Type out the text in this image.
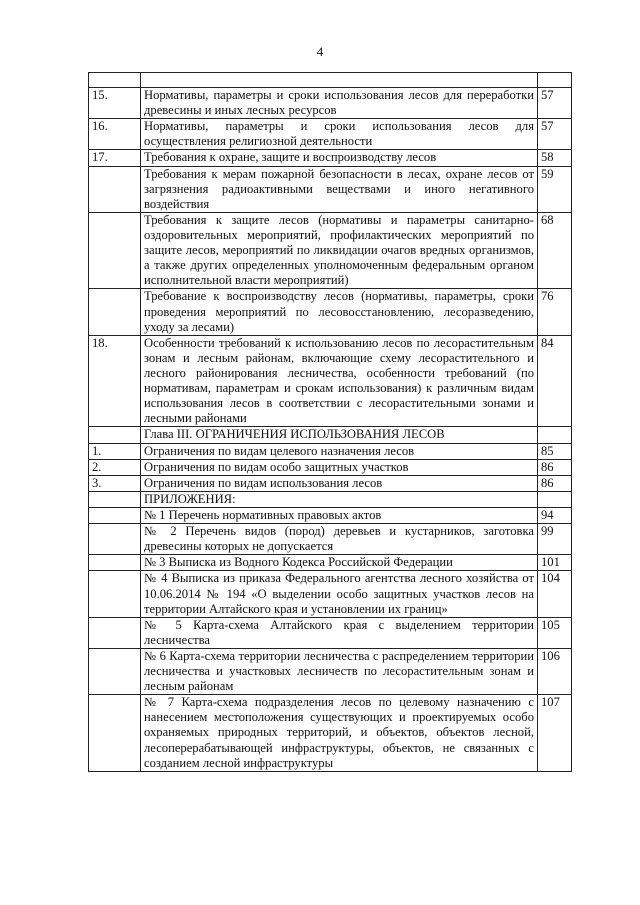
4

15.	Нормативы, параметры и сроки использования лесов для переработки древесины и иных лесных ресурсов	57
16.	Нормативы, параметры и сроки использования лесов для осуществления религиозной деятельности	57
17.	Требования к охране, защите и воспроизводству лесов	58
	Требования к мерам пожарной безопасности в лесах, охране лесов от загрязнения радиоактивными веществами и иного негативного воздействия	59
	Требования к защите лесов (нормативы и параметры санитарно-оздоровительных мероприятий, профилактических мероприятий по защите лесов, мероприятий по ликвидации очагов вредных организмов, а также других определенных уполномоченным федеральным органом исполнительной власти мероприятий)	68
	Требование к воспроизводству лесов (нормативы, параметры, сроки проведения мероприятий по лесовосстановлению, лесоразведению, уходу за лесами)	76
18.	Особенности требований к использованию лесов по лесорастительным зонам и лесным районам, включающие схему лесорастительного и лесного районирования лесничества, особенности требований (по нормативам, параметрам и срокам использования) к различным видам использования лесов в соответствии с лесорастительными зонами и лесными районами	84
	Глава III. ОГРАНИЧЕНИЯ ИСПОЛЬЗОВАНИЯ ЛЕСОВ	
1.	Ограничения по видам целевого назначения лесов	85
2.	Ограничения по видам особо защитных участков	86
3.	Ограничения по видам использования лесов	86
	ПРИЛОЖЕНИЯ:	
	№ 1 Перечень нормативных правовых актов	94
	№ 2 Перечень видов (пород) деревьев и кустарников, заготовка древесины которых не допускается	99
	№ 3 Выписка из Водного Кодекса Российской Федерации	101
	№ 4 Выписка из приказа Федерального агентства лесного хозяйства от 10.06.2014 № 194 «О выделении особо защитных участков лесов на территории Алтайского края и установлении их границ»	104
	№ 5 Карта-схема Алтайского края с выделением территории лесничества	105
	№ 6 Карта-схема территории лесничества с распределением территории лесничества и участковых лесничеств по лесорастительным зонам и лесным районам	106
	№ 7 Карта-схема подразделения лесов по целевому назначению с нанесением местоположения существующих и проектируемых особо охраняемых природных территорий, и объектов, объектов лесной, лесоперерабатывающей инфраструктуры, объектов, не связанных с созданием лесной инфраструктуры	107
